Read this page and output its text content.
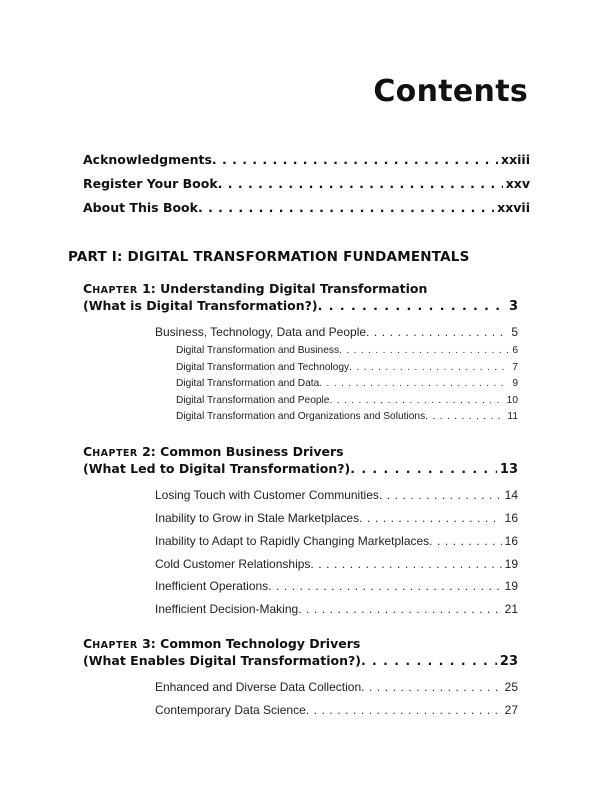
Contents
Acknowledgments . . .	xxiii
Register Your Book . . .	xxv
About This Book . . .	xxvii
PART I: DIGITAL TRANSFORMATION FUNDAMENTALS
CHAPTER 1: Understanding Digital Transformation
(What is Digital Transformation?) . . .	3
Business, Technology, Data and People . . .	5
Digital Transformation and Business . . .	6
Digital Transformation and Technology . . .	7
Digital Transformation and Data . . .	9
Digital Transformation and People . . .	10
Digital Transformation and Organizations and Solutions . . .	11
CHAPTER 2: Common Business Drivers
(What Led to Digital Transformation?) . . .	13
Losing Touch with Customer Communities . . .	14
Inability to Grow in Stale Marketplaces . . .	16
Inability to Adapt to Rapidly Changing Marketplaces . . .	16
Cold Customer Relationships . . .	19
Inefficient Operations . . .	19
Inefficient Decision-Making . . .	21
CHAPTER 3: Common Technology Drivers
(What Enables Digital Transformation?) . . .	23
Enhanced and Diverse Data Collection . . .	25
Contemporary Data Science . . .	27
